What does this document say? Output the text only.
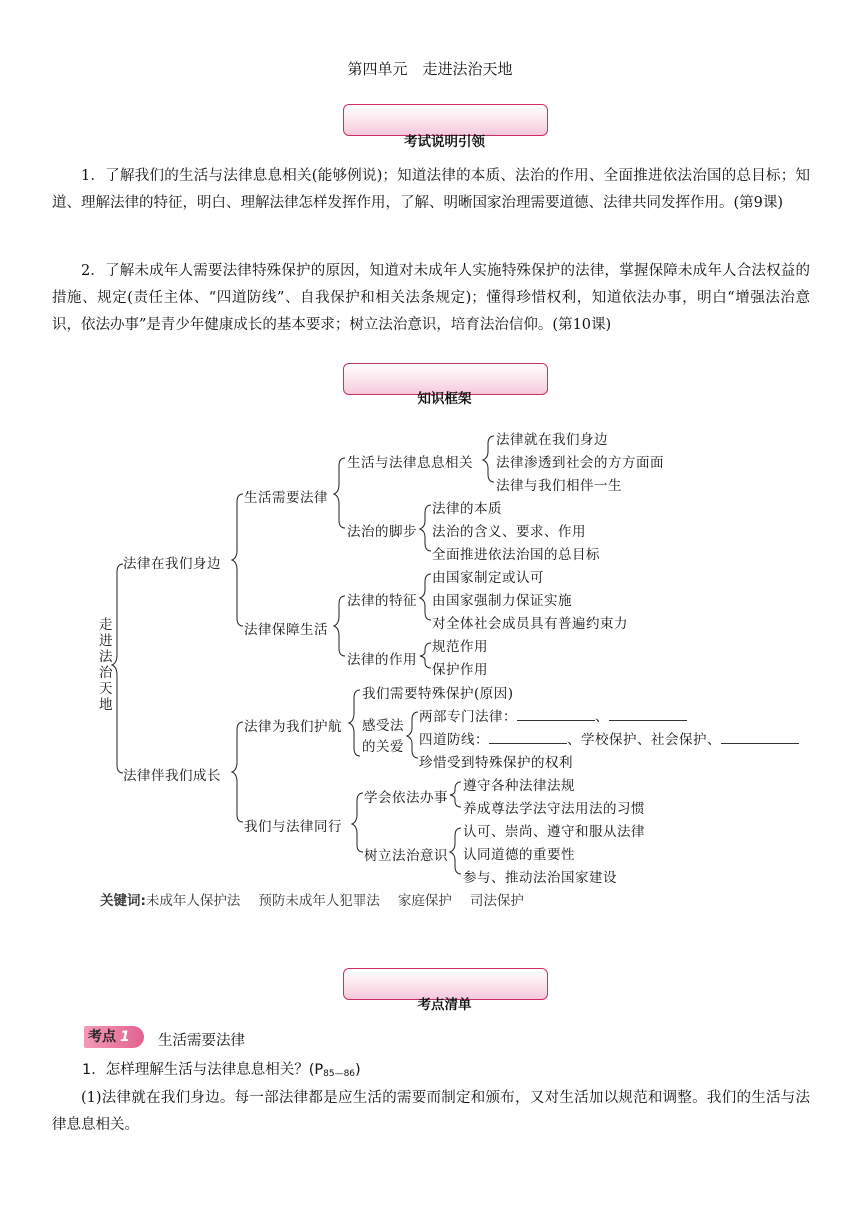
第四单元　走进法治天地
考试说明引领
1．了解我们的生活与法律息息相关(能够例说)；知道法律的本质、法治的作用、全面推进依法治国的总目标；知道、理解法律的特征，明白、理解法律怎样发挥作用，了解、明晰国家治理需要道德、法律共同发挥作用。(第9课)
2．了解未成年人需要法律特殊保护的原因，知道对未成年人实施特殊保护的法律，掌握保障未成年人合法权益的措施、规定(责任主体、“四道防线”、自我保护和相关法条规定)；懂得珍惜权利，知道依法办事，明白“增强法治意识，依法办事”是青少年健康成长的基本要求；树立法治意识，培育法治信仰。(第10课)
知识框架
走进法治天地
法律在我们身边
法律伴我们成长
生活需要法律
法律保障生活
法律为我们护航
我们与法律同行
生活与法律息息相关
法治的脚步
法律的特征
法律的作用
感受法的关爱
学会依法办事
树立法治意识
法律就在我们身边
法律渗透到社会的方方面面
法律与我们相伴一生
法律的本质
法治的含义、要求、作用
全面推进依法治国的总目标
由国家制定或认可
由国家强制力保证实施
对全体社会成员具有普遍约束力
规范作用
保护作用
我们需要特殊保护(原因)
两部专门法律：	、
四道防线：	、学校保护、社会保护、
珍惜受到特殊保护的权利
遵守各种法律法规
养成尊法学法守法用法的习惯
认可、崇尚、遵守和服从法律
认同道德的重要性
参与、推动法治国家建设
关键词:未成年人保护法 预防未成年人犯罪法 家庭保护 司法保护
考点清单
考点 1	生活需要法律
1．怎样理解生活与法律息息相关？$(P_{85—86})$
(1)法律就在我们身边。每一部法律都是应生活的需要而制定和颁布，又对生活加以规范和调整。我们的生活与法律息息相关。
